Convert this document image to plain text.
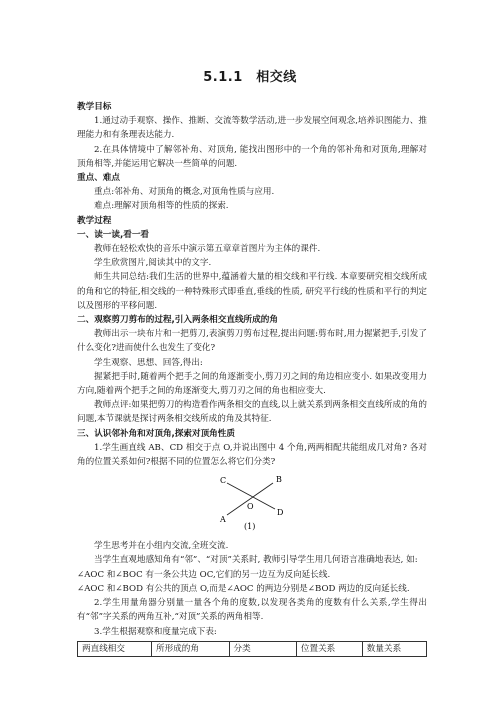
5.1.1　相交线
教学目标
1.通过动手观察、操作、推断、交流等数学活动,进一步发展空间观念,培养识图能力、推理能力和有条理表达能力.
2.在具体情境中了解邻补角、对顶角, 能找出图形中的一个角的邻补角和对顶角,理解对顶角相等,并能运用它解决一些简单的问题.
重点、难点
重点:邻补角、对顶角的概念,对顶角性质与应用.
难点:理解对顶角相等的性质的探索.
教学过程
一、读一读,看一看
教师在轻松欢快的音乐中演示第五章章首图片为主体的课件.
学生欣赏图片,阅读其中的文字.
师生共同总结:我们生活的世界中,蕴涵着大量的相交线和平行线. 本章要研究相交线所成的角和它的特征,相交线的一种特殊形式即垂直,垂线的性质, 研究平行线的性质和平行的判定以及图形的平移问题.
二、观察剪刀剪布的过程,引入两条相交直线所成的角
教师出示一块布片和一把剪刀,表演剪刀剪布过程,提出问题:剪布时,用力握紧把手,引发了什么变化?进而使什么也发生了变化?
学生观察、思想、回答,得出:
握紧把手时,随着两个把手之间的角逐渐变小,剪刀刃之间的角边相应变小. 如果改变用力方向,随着两个把手之间的角逐渐变大,剪刀刃之间的角也相应变大.
教师点评:如果把剪刀的构造看作两条相交的直线,以上就关系到两条相交直线所成的角的问题,本节课就是探讨两条相交线所成的角及其特征.
三、认识邻补角和对顶角,探索对顶角性质
1.学生画直线 AB、CD 相交于点 O,并说出图中 4 个角,两两相配共能组成几对角? 各对角的位置关系如何?根据不同的位置怎么将它们分类?
A
B
C
D
O
(1)
学生思考并在小组内交流,全班交流.
当学生直观地感知角有“邻”、“对顶”关系时, 教师引导学生用几何语言准确地表达, 如:
∠AOC 和∠BOC 有一条公共边 OC,它们的另一边互为反向延长线.
∠AOC 和∠BOD 有公共的顶点 O,而是∠AOC 的两边分别是∠BOD 两边的反向延长线.
2.学生用量角器分别量一量各个角的度数,以发现各类角的度数有什么关系,学生得出有“邻”字关系的两角互补,“对顶”关系的两角相等.
3.学生根据观察和度量完成下表:
两直线相交	所形成的角	分类	位置关系	数量关系
